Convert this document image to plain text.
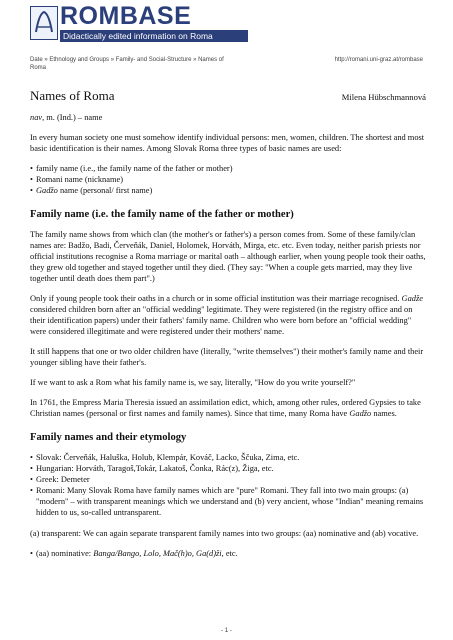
ROMBASE
Didactically edited information on Roma
Date » Ethnology and Groups » Family- and Social-Structure » Names of Roma
http://romani.uni-graz.at/rombase
Names of Roma	Milena Hübschmannová

nav, m. (Ind.) – name

In every human society one must somehow identify individual persons: men, women, children. The shortest and most basic identification is their names. Among Slovak Roma three types of basic names are used:

• family name (i.e., the family name of the father or mother)
• Romani name (nickname)
• Gadžo name (personal/ first name)
Family name (i.e. the family name of the father or mother)

The family name shows from which clan (the mother's or father's) a person comes from. Some of these family/clan names are: Badžo, Badi, Červeňák, Daniel, Holomek, Horváth, Mirga, etc. etc. Even today, neither parish priests nor official institutions recognise a Roma marriage or marital oath – although earlier, when young people took their oaths, they grew old together and stayed together until they died. (They say: "When a couple gets married, may they live together until death does them part".)

Only if young people took their oaths in a church or in some official institution was their marriage recognised. Gadže considered children born after an "official wedding" legitimate. They were registered (in the registry office and on their identification papers) under their fathers' family name. Children who were born before an "official wedding" were considered illegitimate and were registered under their mothers' name.

It still happens that one or two older children have (literally, "write themselves") their mother's family name and their younger sibling have their father's.

If we want to ask a Rom what his family name is, we say, literally, "How do you write yourself?"

In 1761, the Empress Maria Theresia issued an assimilation edict, which, among other rules, ordered Gypsies to take Christian names (personal or first names and family names). Since that time, many Roma have Gadžo names.

Family names and their etymology
• Slovak: Červeňák, Haluška, Holub, Klempár, Kováč, Lacko, Ščuka, Zima, etc.
• Hungarian: Horváth, Taragoš,Tokár, Lakatoš, Čonka, Rác(z), Žiga, etc.
• Greek: Demeter
• Romani: Many Slovak Roma have family names which are "pure" Romani. They fall into two main groups: (a) "modern" – with transparent meanings which we understand and (b) very ancient, whose "Indian" meaning remains hidden to us, so-called untransparent.

(a) transparent: We can again separate transparent family names into two groups: (aa) nominative and (ab) vocative.

• (aa) nominative: Banga/Bango, Lolo, Mač(h)o, Ga(d)ži, etc.
- 1 -
